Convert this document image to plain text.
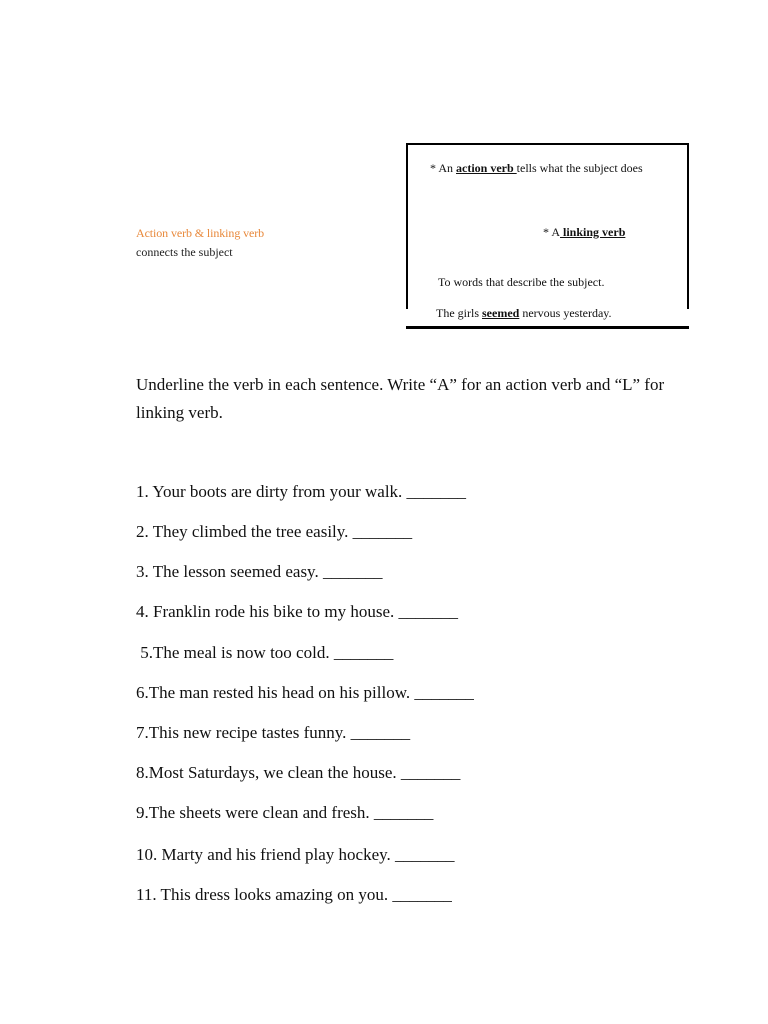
Action verb & linking verb
connects the subject
* An action verb tells what the subject does
* A linking verb
To words that describe the subject.
The girls seemed nervous yesterday.
Underline the verb in each sentence. Write “A” for an action verb and “L” for linking verb.
1. Your boots are dirty from your walk. _______
2. They climbed the tree easily. _______
3. The lesson seemed easy. _______
4. Franklin rode his bike to my house. _______
5.The meal is now too cold. _______
6.The man rested his head on his pillow. _______
7.This new recipe tastes funny. _______
8.Most Saturdays, we clean the house. _______
9.The sheets were clean and fresh. _______
10. Marty and his friend play hockey. _______
11. This dress looks amazing on you. _______
